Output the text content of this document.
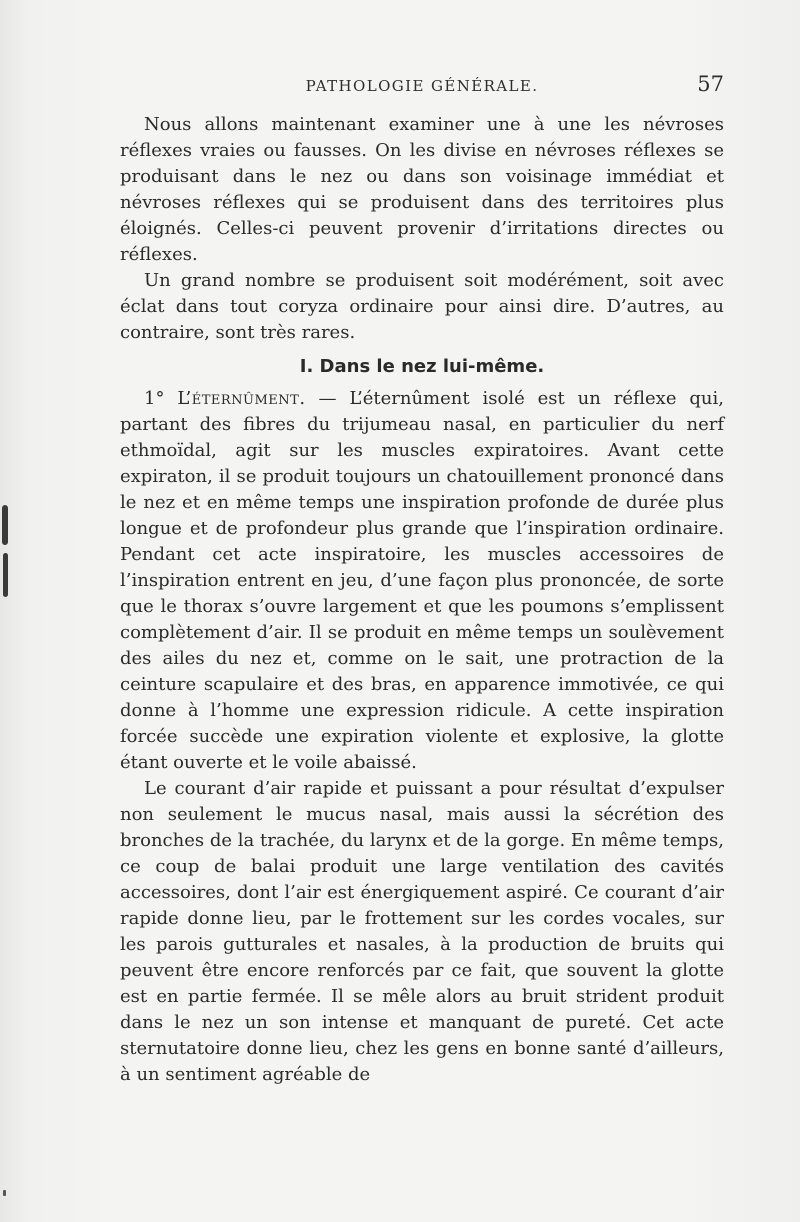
PATHOLOGIE GÉNÉRALE.	57

Nous allons maintenant examiner une à une les névroses réflexes vraies ou fausses. On les divise en névroses réflexes se produisant dans le nez ou dans son voisinage immédiat et névroses réflexes qui se produisent dans des territoires plus éloignés. Celles-ci peuvent provenir d’irritations directes ou réflexes.

Un grand nombre se produisent soit modérément, soit avec éclat dans tout coryza ordinaire pour ainsi dire. D’autres, au contraire, sont très rares.

I. Dans le nez lui-même.

1° L’éternûment. — L’éternûment isolé est un réflexe qui, partant des fibres du trijumeau nasal, en particulier du nerf ethmoïdal, agit sur les muscles expiratoires. Avant cette expiraton, il se produit toujours un chatouillement prononcé dans le nez et en même temps une inspiration profonde de durée plus longue et de profondeur plus grande que l’inspiration ordinaire. Pendant cet acte inspiratoire, les muscles accessoires de l’inspiration entrent en jeu, d’une façon plus prononcée, de sorte que le thorax s’ouvre largement et que les poumons s’emplissent complètement d’air. Il se produit en même temps un soulèvement des ailes du nez et, comme on le sait, une protraction de la ceinture scapulaire et des bras, en apparence immotivée, ce qui donne à l’homme une expression ridicule. A cette inspiration forcée succède une expiration violente et explosive, la glotte étant ouverte et le voile abaissé.

Le courant d’air rapide et puissant a pour résultat d’expulser non seulement le mucus nasal, mais aussi la sécrétion des bronches de la trachée, du larynx et de la gorge. En même temps, ce coup de balai produit une large ventilation des cavités accessoires, dont l’air est énergiquement aspiré. Ce courant d’air rapide donne lieu, par le frottement sur les cordes vocales, sur les parois gutturales et nasales, à la production de bruits qui peuvent être encore renforcés par ce fait, que souvent la glotte est en partie fermée. Il se mêle alors au bruit strident produit dans le nez un son intense et manquant de pureté. Cet acte sternutatoire donne lieu, chez les gens en bonne santé d’ailleurs, à un sentiment agréable de
